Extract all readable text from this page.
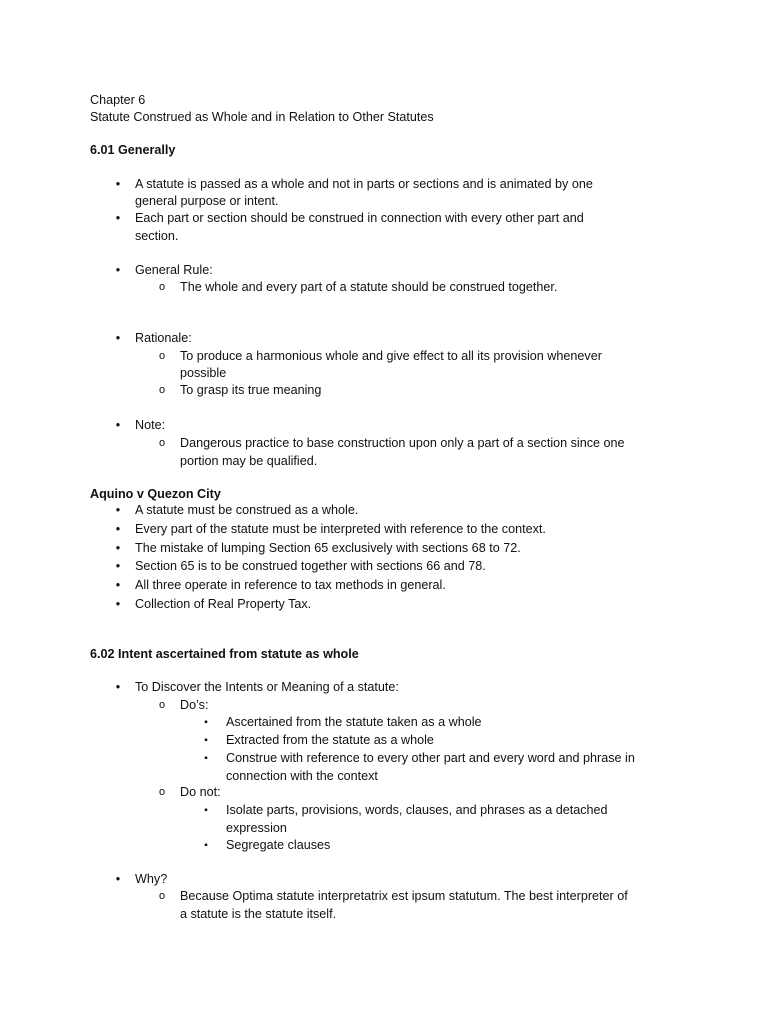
Chapter 6
Statute Construed as Whole and in Relation to Other Statutes
6.01 Generally
•	A statute is passed as a whole and not in parts or sections and is animated by one
general purpose or intent.
•	Each part or section should be construed in connection with every other part and
section.
•	General Rule:
o The whole and every part of a statute should be construed together.
•	Rationale:
o To produce a harmonious whole and give effect to all its provision whenever
possible
o To grasp its true meaning
•	Note:
o Dangerous practice to base construction upon only a part of a section since one
portion may be qualified.
Aquino v Quezon City
•	A statute must be construed as a whole.
•	Every part of the statute must be interpreted with reference to the context.
•	The mistake of lumping Section 65 exclusively with sections 68 to 72.
•	Section 65 is to be construed together with sections 66 and 78.
•	All three operate in reference to tax methods in general.
•	Collection of Real Property Tax.
6.02 Intent ascertained from statute as whole
•	To Discover the Intents or Meaning of a statute:
o Do’s:
▪	Ascertained from the statute taken as a whole
▪	Extracted from the statute as a whole
▪	Construe with reference to every other part and every word and phrase in
connection with the context
o Do not:
▪	Isolate parts, provisions, words, clauses, and phrases as a detached
expression
▪	Segregate clauses
•	Why?
o Because Optima statute interpretatrix est ipsum statutum. The best interpreter of
a statute is the statute itself.
